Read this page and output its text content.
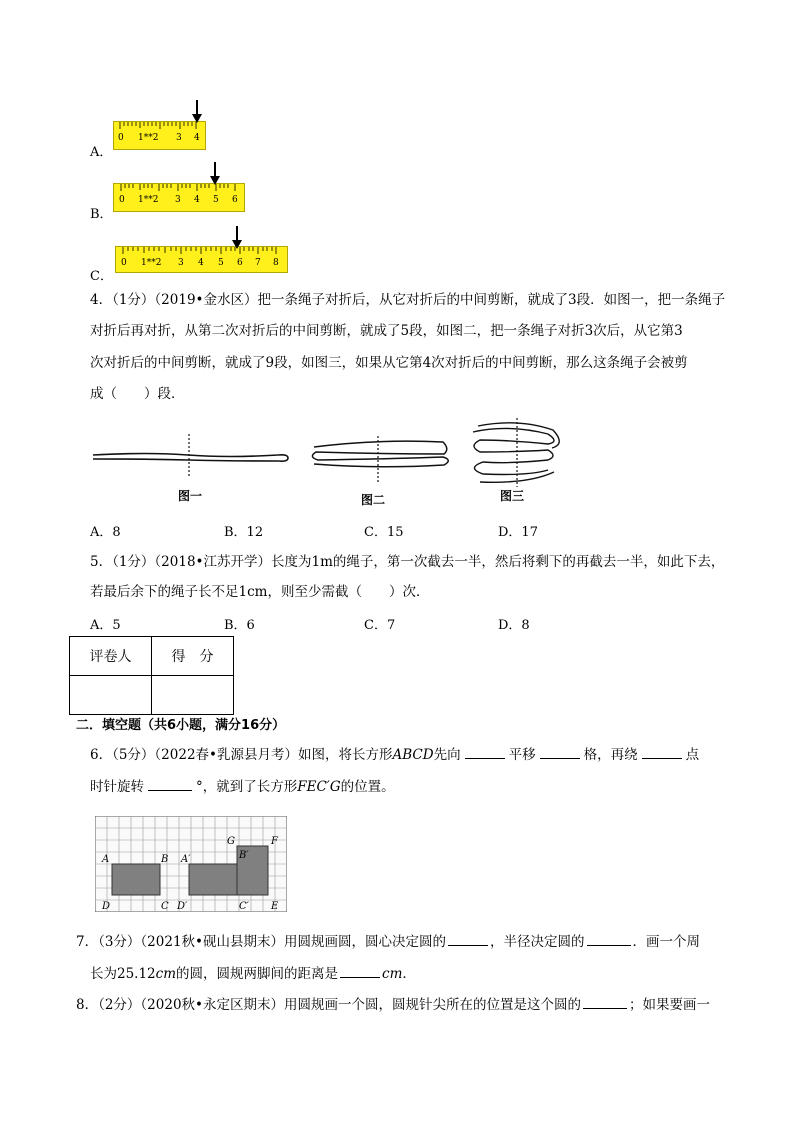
A．
0 1**2 3 4
B．
0 1**2 3 4 5 6
C．
0 1**2 3 4 5 6 7 8
4．（1分）（2019•金水区）把一条绳子对折后，从它对折后的中间剪断，就成了3段．如图一，把一条绳子
对折后再对折，从第二次对折后的中间剪断，就成了5段，如图二，把一条绳子对折3次后，从它第3
次对折后的中间剪断，就成了9段，如图三，如果从它第4次对折后的中间剪断，那么这条绳子会被剪
成（　　）段．
图一	图二	图三
A．8	B．12	C．15	D．17
5．（1分）（2018•江苏开学）长度为1m的绳子，第一次截去一半，然后将剩下的再截去一半，如此下去，
若最后余下的绳子长不足1cm，则至少需截（　　）次．
A．5	B．6	C．7	D．8
评卷人	得　分

二．填空题（共6小题，满分16分）
6．（5分）（2022春•乳源县月考）如图，将长方形ABCD先向	平移	格，再绕	点
时针旋转	°，就到了长方形FEC′G的位置。
A	B
C
D
A′
D′
G	F
B′
C′ E
7．（3分）（2021秋•砚山县期末）用圆规画圆，圆心决定圆的	，半径决定圆的	．画一个周
长为25.12cm的圆，圆规两脚间的距离是	cm．
8．（2分）（2020秋•永定区期末）用圆规画一个圆，圆规针尖所在的位置是这个圆的	；如果要画一
